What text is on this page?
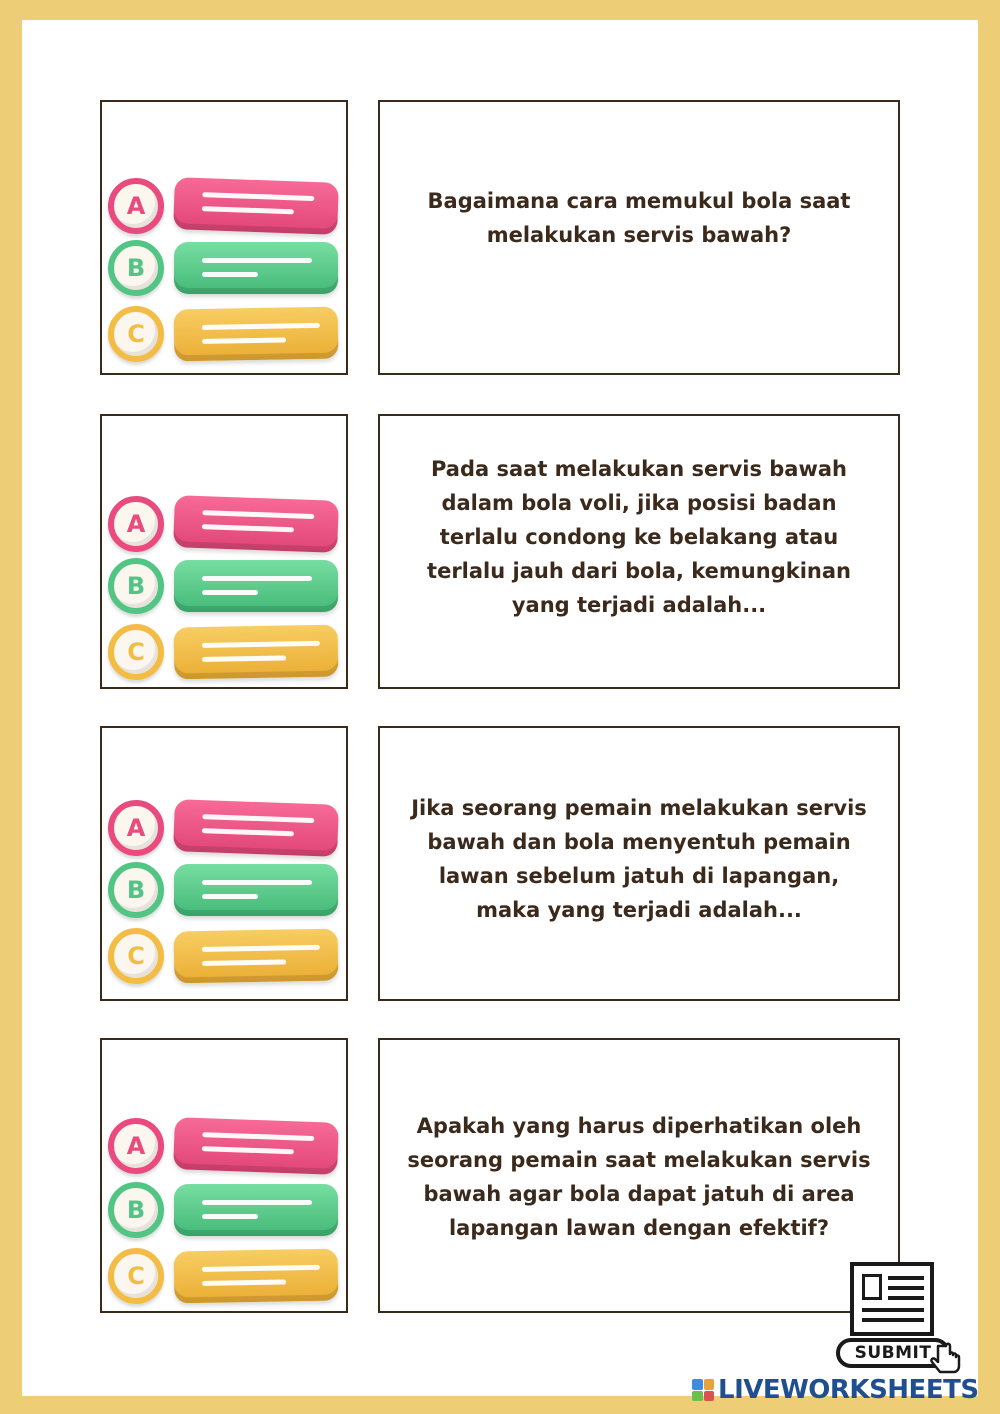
A
B
C
Bagaimana cara memukul bola saat melakukan servis bawah?
A
B
C
Pada saat melakukan servis bawah dalam bola voli, jika posisi badan terlalu condong ke belakang atau terlalu jauh dari bola, kemungkinan yang terjadi adalah...
A
B
C
Jika seorang pemain melakukan servis bawah dan bola menyentuh pemain lawan sebelum jatuh di lapangan, maka yang terjadi adalah...
A
B
C
Apakah yang harus diperhatikan oleh seorang pemain saat melakukan servis bawah agar bola dapat jatuh di area lapangan lawan dengan efektif?
SUBMIT
LIVEWORKSHEETS
